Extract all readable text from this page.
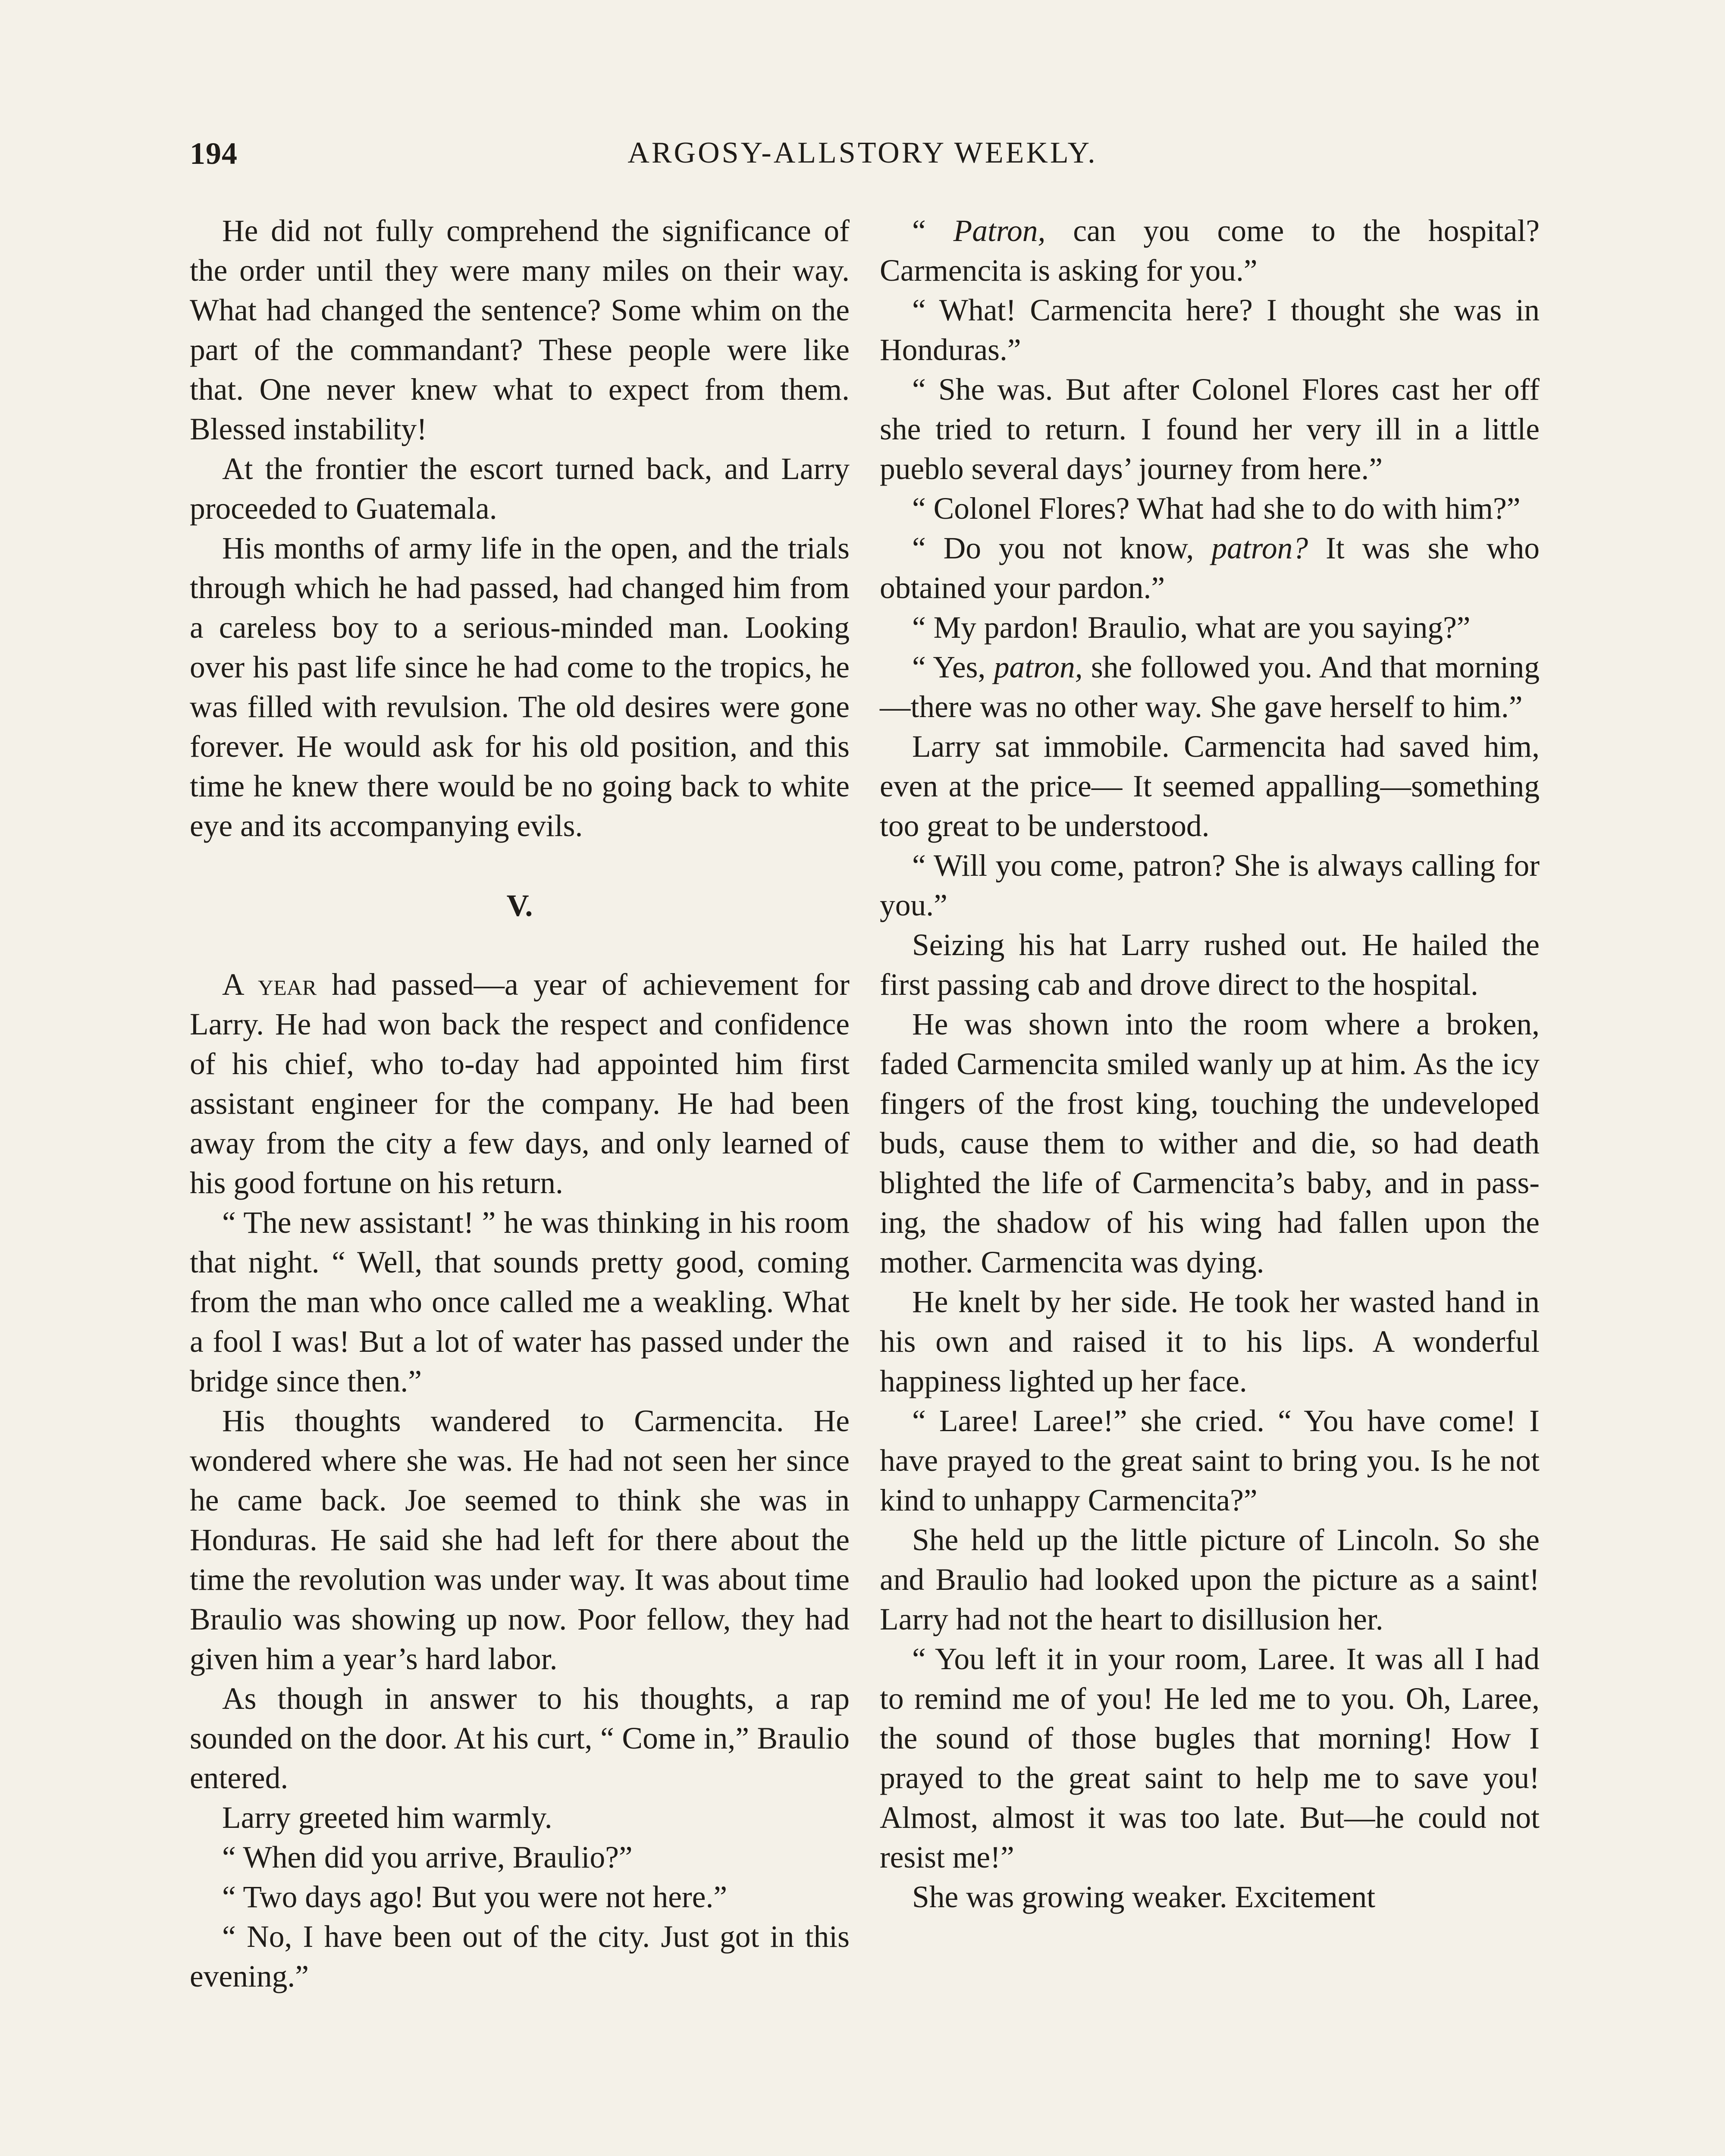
194	ARGOSY-ALLSTORY WEEKLY.

He did not fully comprehend the significance of the order until they were many miles on their way. What had changed the sentence? Some whim on the part of the commandant? These people were like that. One never knew what to expect from them. Blessed instability!

At the frontier the escort turned back, and Larry proceeded to Guatemala.

His months of army life in the open, and the trials through which he had passed, had changed him from a careless boy to a serious-minded man. Looking over his past life since he had come to the tropics, he was filled with revulsion. The old desires were gone forever. He would ask for his old position, and this time he knew there would be no going back to white eye and its accompanying evils.

V.

A year had passed—a year of achievement for Larry. He had won back the respect and confidence of his chief, who to-day had appointed him first assistant engineer for the company. He had been away from the city a few days, and only learned of his good fortune on his return.

“ The new assistant! ” he was thinking in his room that night. “ Well, that sounds pretty good, coming from the man who once called me a weakling. What a fool I was! But a lot of water has passed under the bridge since then.”

His thoughts wandered to Carmencita. He wondered where she was. He had not seen her since he came back. Joe seemed to think she was in Honduras. He said she had left for there about the time the revolution was under way. It was about time Braulio was showing up now. Poor fellow, they had given him a year’s hard labor.

As though in answer to his thoughts, a rap sounded on the door. At his curt, “ Come in,” Braulio entered.

Larry greeted him warmly.

“ When did you arrive, Braulio?”

“ Two days ago! But you were not here.”

“ No, I have been out of the city. Just got in this evening.”

“ Patron, can you come to the hospital? Carmencita is asking for you.”

“ What! Carmencita here? I thought she was in Honduras.”

“ She was. But after Colonel Flores cast her off she tried to return. I found her very ill in a little pueblo several days’ journey from here.”

“ Colonel Flores? What had she to do with him?”

“ Do you not know, patron? It was she who obtained your pardon.”

“ My pardon! Braulio, what are you saying?”

“ Yes, patron, she followed you. And that morning—there was no other way. She gave herself to him.”

Larry sat immobile. Carmencita had saved him, even at the price— It seemed appalling—something too great to be understood.

“ Will you come, patron? She is always calling for you.”

Seizing his hat Larry rushed out. He hailed the first passing cab and drove direct to the hospital.

He was shown into the room where a broken, faded Carmencita smiled wanly up at him. As the icy fingers of the frost king, touching the undeveloped buds, cause them to wither and die, so had death blighted the life of Carmencita’s baby, and in passing, the shadow of his wing had fallen upon the mother. Carmencita was dying.

He knelt by her side. He took her wasted hand in his own and raised it to his lips. A wonderful happiness lighted up her face.

“ Laree! Laree!” she cried. “ You have come! I have prayed to the great saint to bring you. Is he not kind to unhappy Carmencita?”

She held up the little picture of Lincoln. So she and Braulio had looked upon the picture as a saint! Larry had not the heart to disillusion her.

“ You left it in your room, Laree. It was all I had to remind me of you! He led me to you. Oh, Laree, the sound of those bugles that morning! How I prayed to the great saint to help me to save you! Almost, almost it was too late. But—he could not resist me!”

She was growing weaker. Excitement
